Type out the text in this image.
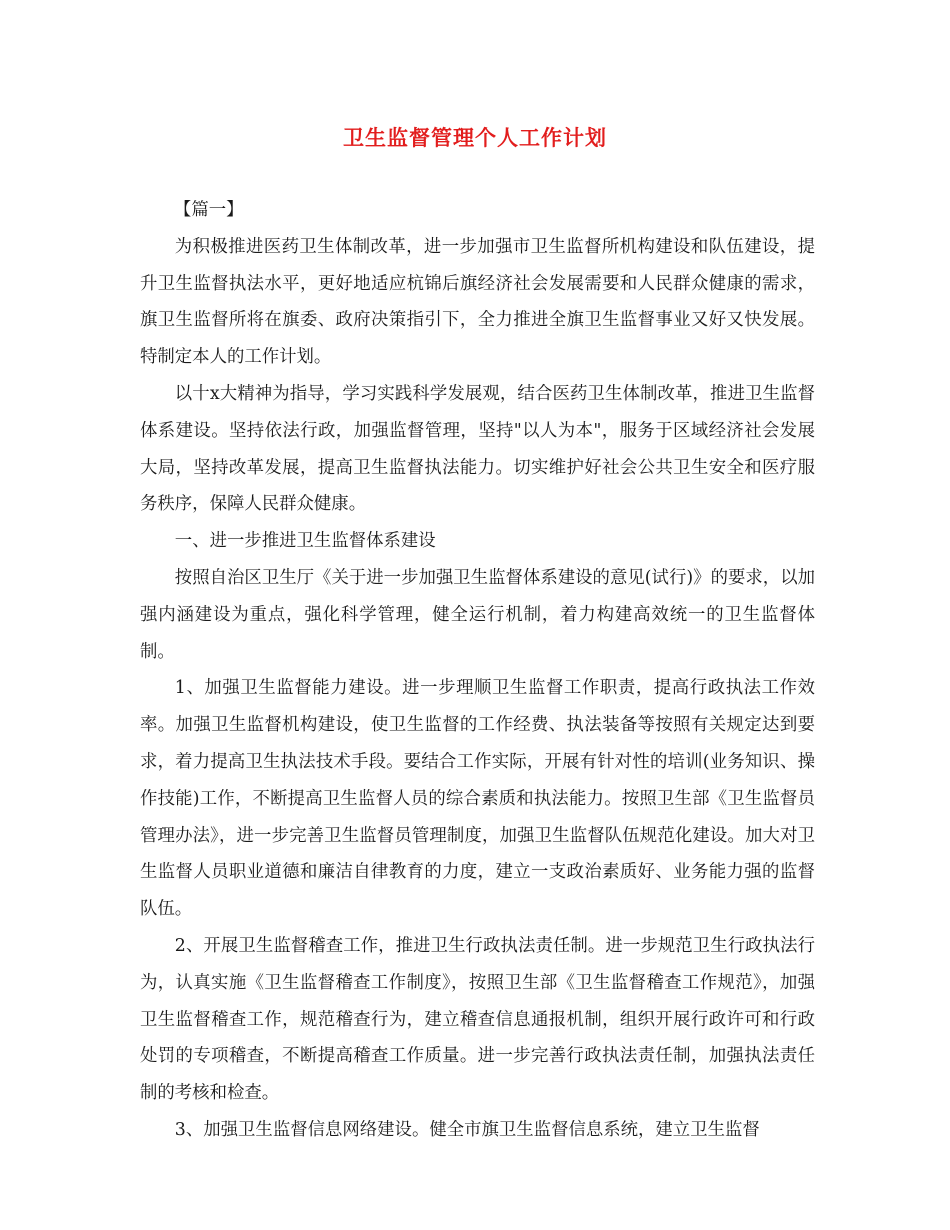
卫生监督管理个人工作计划

【篇一】

为积极推进医药卫生体制改革，进一步加强市卫生监督所机构建设和队伍建设，提升卫生监督执法水平，更好地适应杭锦后旗经济社会发展需要和人民群众健康的需求，旗卫生监督所将在旗委、政府决策指引下，全力推进全旗卫生监督事业又好又快发展。特制定本人的工作计划。

以十x大精神为指导，学习实践科学发展观，结合医药卫生体制改革，推进卫生监督体系建设。坚持依法行政，加强监督管理，坚持"以人为本"，服务于区域经济社会发展大局，坚持改革发展，提高卫生监督执法能力。切实维护好社会公共卫生安全和医疗服务秩序，保障人民群众健康。

一、进一步推进卫生监督体系建设

按照自治区卫生厅《关于进一步加强卫生监督体系建设的意见(试行)》的要求，以加强内涵建设为重点，强化科学管理，健全运行机制，着力构建高效统一的卫生监督体制。

1、加强卫生监督能力建设。进一步理顺卫生监督工作职责，提高行政执法工作效率。加强卫生监督机构建设，使卫生监督的工作经费、执法装备等按照有关规定达到要求，着力提高卫生执法技术手段。要结合工作实际，开展有针对性的培训(业务知识、操作技能)工作，不断提高卫生监督人员的综合素质和执法能力。按照卫生部《卫生监督员管理办法》，进一步完善卫生监督员管理制度，加强卫生监督队伍规范化建设。加大对卫生监督人员职业道德和廉洁自律教育的力度，建立一支政治素质好、业务能力强的监督队伍。

2、开展卫生监督稽查工作，推进卫生行政执法责任制。进一步规范卫生行政执法行为，认真实施《卫生监督稽查工作制度》，按照卫生部《卫生监督稽查工作规范》，加强卫生监督稽查工作，规范稽查行为，建立稽查信息通报机制，组织开展行政许可和行政处罚的专项稽查，不断提高稽查工作质量。进一步完善行政执法责任制，加强执法责任制的考核和检查。

3、加强卫生监督信息网络建设。健全市旗卫生监督信息系统，建立卫生监督
